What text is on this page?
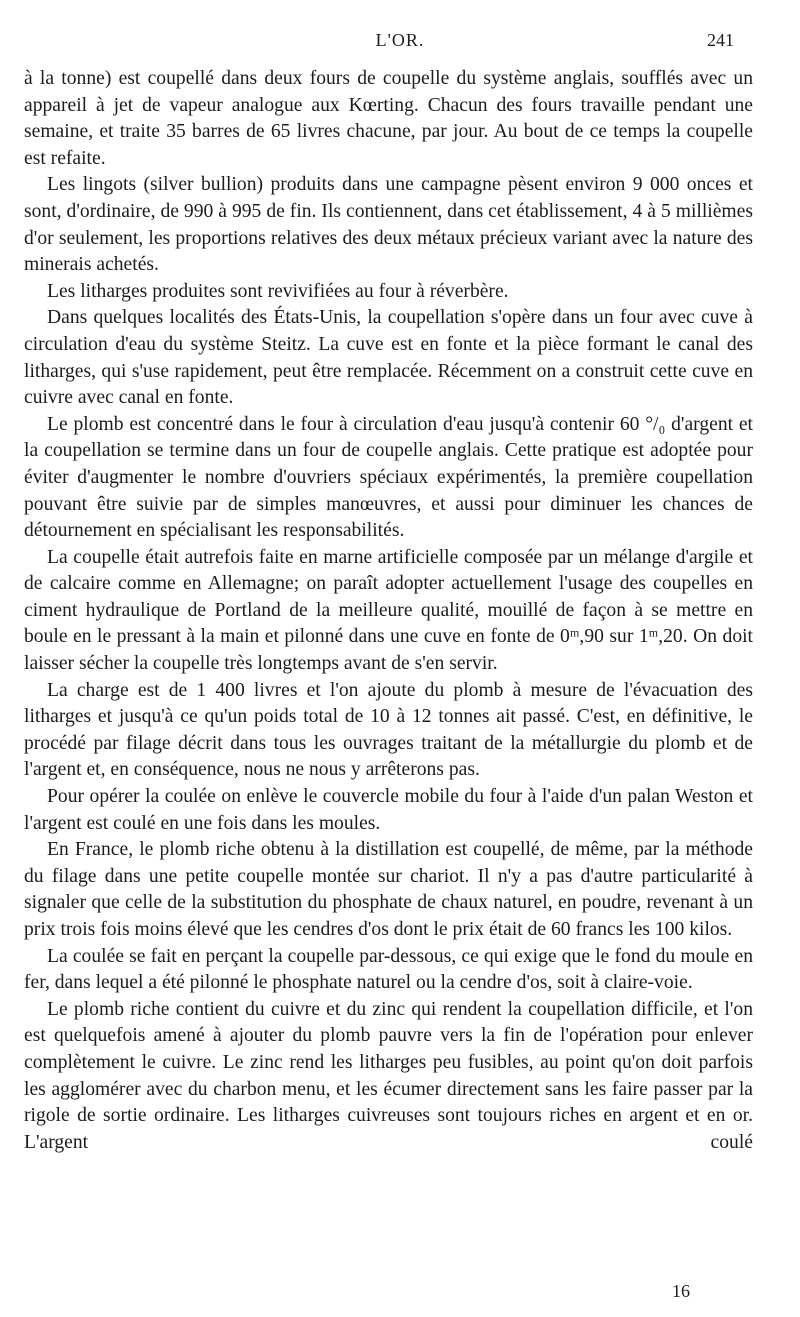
L'OR.	241

à la tonne) est coupellé dans deux fours de coupelle du système anglais, soufflés avec un appareil à jet de vapeur analogue aux Kœrting. Chacun des fours travaille pendant une semaine, et traite 35 barres de 65 livres chacune, par jour. Au bout de ce temps la coupelle est refaite.

Les lingots (silver bullion) produits dans une campagne pèsent environ 9 000 onces et sont, d'ordinaire, de 990 à 995 de fin. Ils contiennent, dans cet établissement, 4 à 5 millièmes d'or seulement, les proportions relatives des deux métaux précieux variant avec la nature des minerais achetés.

Les litharges produites sont revivifiées au four à réverbère.

Dans quelques localités des États-Unis, la coupellation s'opère dans un four avec cuve à circulation d'eau du système Steitz. La cuve est en fonte et la pièce formant le canal des litharges, qui s'use rapidement, peut être remplacée. Récemment on a construit cette cuve en cuivre avec canal en fonte.

Le plomb est concentré dans le four à circulation d'eau jusqu'à contenir 60 °/₀ d'argent et la coupellation se termine dans un four de coupelle anglais. Cette pratique est adoptée pour éviter d'augmenter le nombre d'ouvriers spéciaux expérimentés, la première coupellation pouvant être suivie par de simples manœuvres, et aussi pour diminuer les chances de détournement en spécialisant les responsabilités.

La coupelle était autrefois faite en marne artificielle composée par un mélange d'argile et de calcaire comme en Allemagne; on paraît adopter actuellement l'usage des coupelles en ciment hydraulique de Portland de la meilleure qualité, mouillé de façon à se mettre en boule en le pressant à la main et pilonné dans une cuve en fonte de 0ᵐ,90 sur 1ᵐ,20. On doit laisser sécher la coupelle très longtemps avant de s'en servir.

La charge est de 1 400 livres et l'on ajoute du plomb à mesure de l'évacuation des litharges et jusqu'à ce qu'un poids total de 10 à 12 tonnes ait passé. C'est, en définitive, le procédé par filage décrit dans tous les ouvrages traitant de la métallurgie du plomb et de l'argent et, en conséquence, nous ne nous y arrêterons pas.

Pour opérer la coulée on enlève le couvercle mobile du four à l'aide d'un palan Weston et l'argent est coulé en une fois dans les moules.

En France, le plomb riche obtenu à la distillation est coupellé, de même, par la méthode du filage dans une petite coupelle montée sur chariot. Il n'y a pas d'autre particularité à signaler que celle de la substitution du phosphate de chaux naturel, en poudre, revenant à un prix trois fois moins élevé que les cendres d'os dont le prix était de 60 francs les 100 kilos.

La coulée se fait en perçant la coupelle par-dessous, ce qui exige que le fond du moule en fer, dans lequel a été pilonné le phosphate naturel ou la cendre d'os, soit à claire-voie.

Le plomb riche contient du cuivre et du zinc qui rendent la coupellation difficile, et l'on est quelquefois amené à ajouter du plomb pauvre vers la fin de l'opération pour enlever complètement le cuivre. Le zinc rend les litharges peu fusibles, au point qu'on doit parfois les agglomérer avec du charbon menu, et les écumer directement sans les faire passer par la rigole de sortie ordinaire. Les litharges cuivreuses sont toujours riches en argent et en or. L'argent coulé

16
